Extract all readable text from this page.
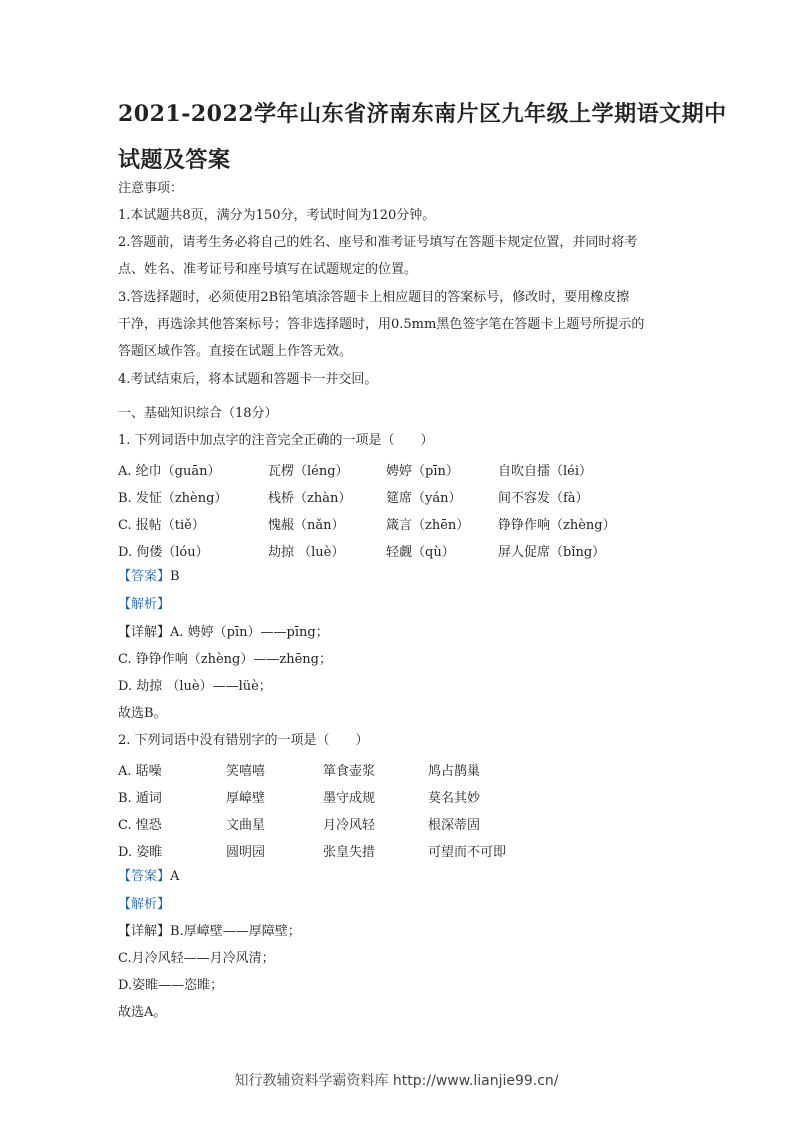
2021-2022学年山东省济南东南片区九年级上学期语文期中
试题及答案
注意事项：
1.本试题共8页，满分为150分，考试时间为120分钟。
2.答题前，请考生务必将自己的姓名、座号和准考证号填写在答题卡规定位置，并同时将考
点、姓名、准考证号和座号填写在试题规定的位置。
3.答选择题时，必须使用2B铅笔填涂答题卡上相应题目的答案标号，修改时，要用橡皮擦
干净，再选涂其他答案标号；答非选择题时，用0.5mm黑色签字笔在答题卡上题号所提示的
答题区域作答。直接在试题上作答无效。
4.考试结束后，将本试题和答题卡一并交回。
一、基础知识综合（18分）
1. 下列词语中加点字的注音完全正确的一项是（　　）
A. 纶巾（guān）	瓦楞（léng）	娉婷（pīn）	自吹自擂（léi）
B. 发怔（zhèng）	栈桥（zhàn）	筵席（yán）	间不容发（fà）
C. 报帖（tiě）	愧赧（nǎn）	箴言（zhēn） 铮铮作响（zhèng）
D. 佝偻（lóu）	劫掠 （luè）	轻觑（qù）	屏人促席（bǐng）
【答案】B
【解析】
【详解】A. 娉婷（pīn）——pīng；
C. 铮铮作响（zhèng）——zhēng；
D. 劫掠 （luè）——lüè；
故选B。
2. 下列词语中没有错别字的一项是（　　）
A. 聒噪	笑嘻嘻	箪食壶浆	鸠占鹊巢
B. 遁词	厚嶂壁	墨守成规	莫名其妙
C. 惶恐	文曲星	月冷风轻	根深蒂固
D. 姿睢	圆明园	张皇失措	可望而不可即
【答案】A
【解析】
【详解】B.厚嶂壁——厚障壁；
C.月冷风轻——月冷风清；
D.姿睢——恣睢；
故选A。
知行教辅资料学霸资料库 http://www.lianjie99.cn/
